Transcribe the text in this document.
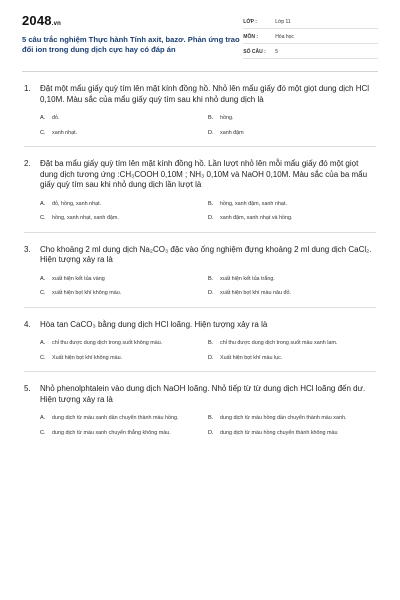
2048.vn
5 câu trắc nghiệm Thực hành Tính axit, bazơ. Phản ứng trao đổi ion trong dung dịch cực hay có đáp án
LỚP :	Lớp 11
MÔN :	Hóa học
SỐ CÂU :	5
1.	Đặt một mẩu giấy quỳ tím lên mặt kính đồng hồ. Nhỏ lên mẩu giấy đó một giọt dung dịch HCl 0,10M. Màu sắc của mẩu giấy quỳ tím sau khi nhỏ dung dịch là
A.	đỏ.	B.	hồng.
C.	xanh nhạt.	D.	xanh đậm
2.	Đặt ba mẩu giấy quỳ tím lên mặt kính đồng hồ. Lần lượt nhỏ lên mỗi mẩu giấy đó một giọt dung dịch tương ứng :CH₃COOH 0,10M ; NH₃ 0,10M và NaOH 0,10M. Màu sắc của ba mẩu giấy quỳ tím sau khi nhỏ dung dịch lần lượt là
A.	đỏ, hồng, xanh nhạt.	B.	hồng, xanh đậm, xanh nhạt.
C.	hồng, xanh nhạt, xanh đậm.	D.	xanh đậm, xanh nhạt và hồng.
3.	Cho khoảng 2 ml dung dịch Na₂CO₃ đặc vào ống nghiệm đựng khoảng 2 ml dung dịch CaCl₂. Hiện tượng xảy ra là
A.	xuất hiện kết tủa vàng	B.	xuất hiện kết tủa trắng.
C.	xuất hiện bọt khí không màu.	D.	xuất hiện bọt khí màu nâu đỏ.
4.	Hòa tan CaCO₃ bằng dung dịch HCl loãng. Hiện tượng xảy ra là
A.	chỉ thu được dung dịch trong suốt không màu.	B.	chỉ thu được dung dịch trong suốt màu xanh lam.
C.	Xuất hiện bọt khí không màu.	D.	Xuất hiện bọt khí màu lục.
5.	Nhỏ phenolphtalein vào dung dịch NaOH loãng. Nhỏ tiếp từ từ dung dịch HCl loãng đến dư. Hiện tượng xảy ra là
A.	dung dịch từ màu xanh dần chuyển thành màu hồng.	B.	dung dịch từ màu hồng dần chuyển thành màu xanh.
C.	dung dịch từ màu xanh chuyển thẳng không màu.	D.	dung dịch từ màu hồng chuyển thành không màu
